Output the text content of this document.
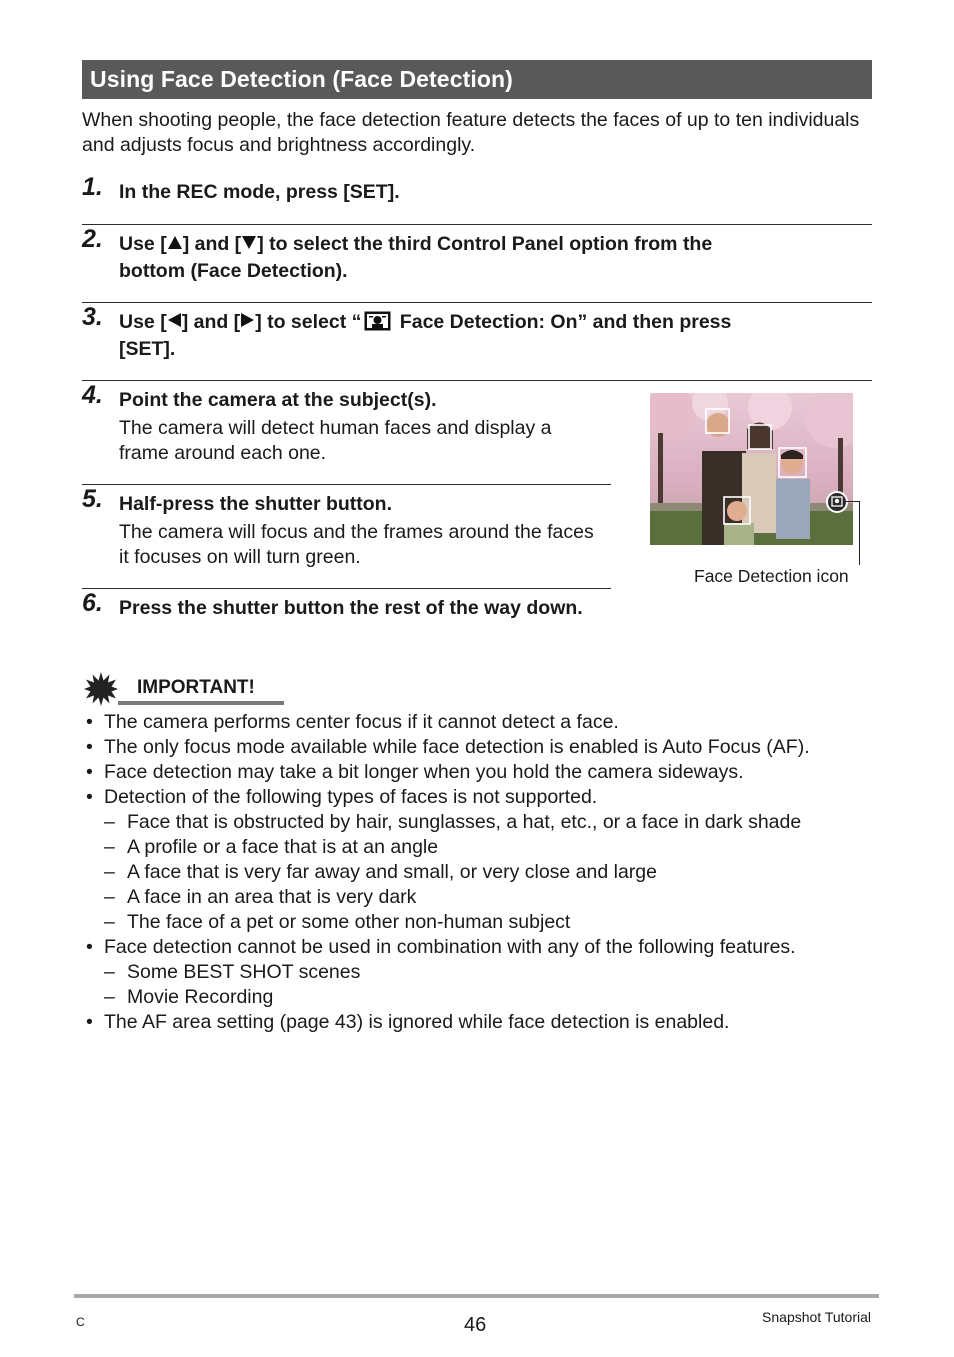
Using Face Detection (Face Detection)
When shooting people, the face detection feature detects the faces of up to ten individuals and adjusts focus and brightness accordingly.
1. In the REC mode, press [SET].
2. Use [ ] and [ ] to select the third Control Panel option from the
bottom (Face Detection).
3. Use [ ] and [ ] to select “ Face Detection: On” and then press
[SET].
4. Point the camera at the subject(s).
The camera will detect human faces and display a frame around each one.
5. Half-press the shutter button.
The camera will focus and the frames around the faces it focuses on will turn green.
6. Press the shutter button the rest of the way down.
Face Detection icon
IMPORTANT!
• The camera performs center focus if it cannot detect a face.
• The only focus mode available while face detection is enabled is Auto Focus (AF).
• Face detection may take a bit longer when you hold the camera sideways.
• Detection of the following types of faces is not supported.
– Face that is obstructed by hair, sunglasses, a hat, etc., or a face in dark shade
– A profile or a face that is at an angle
– A face that is very far away and small, or very close and large
– A face in an area that is very dark
– The face of a pet or some other non-human subject
• Face detection cannot be used in combination with any of the following features.
– Some BEST SHOT scenes
– Movie Recording
• The AF area setting (page 43) is ignored while face detection is enabled.
C	46	Snapshot Tutorial
